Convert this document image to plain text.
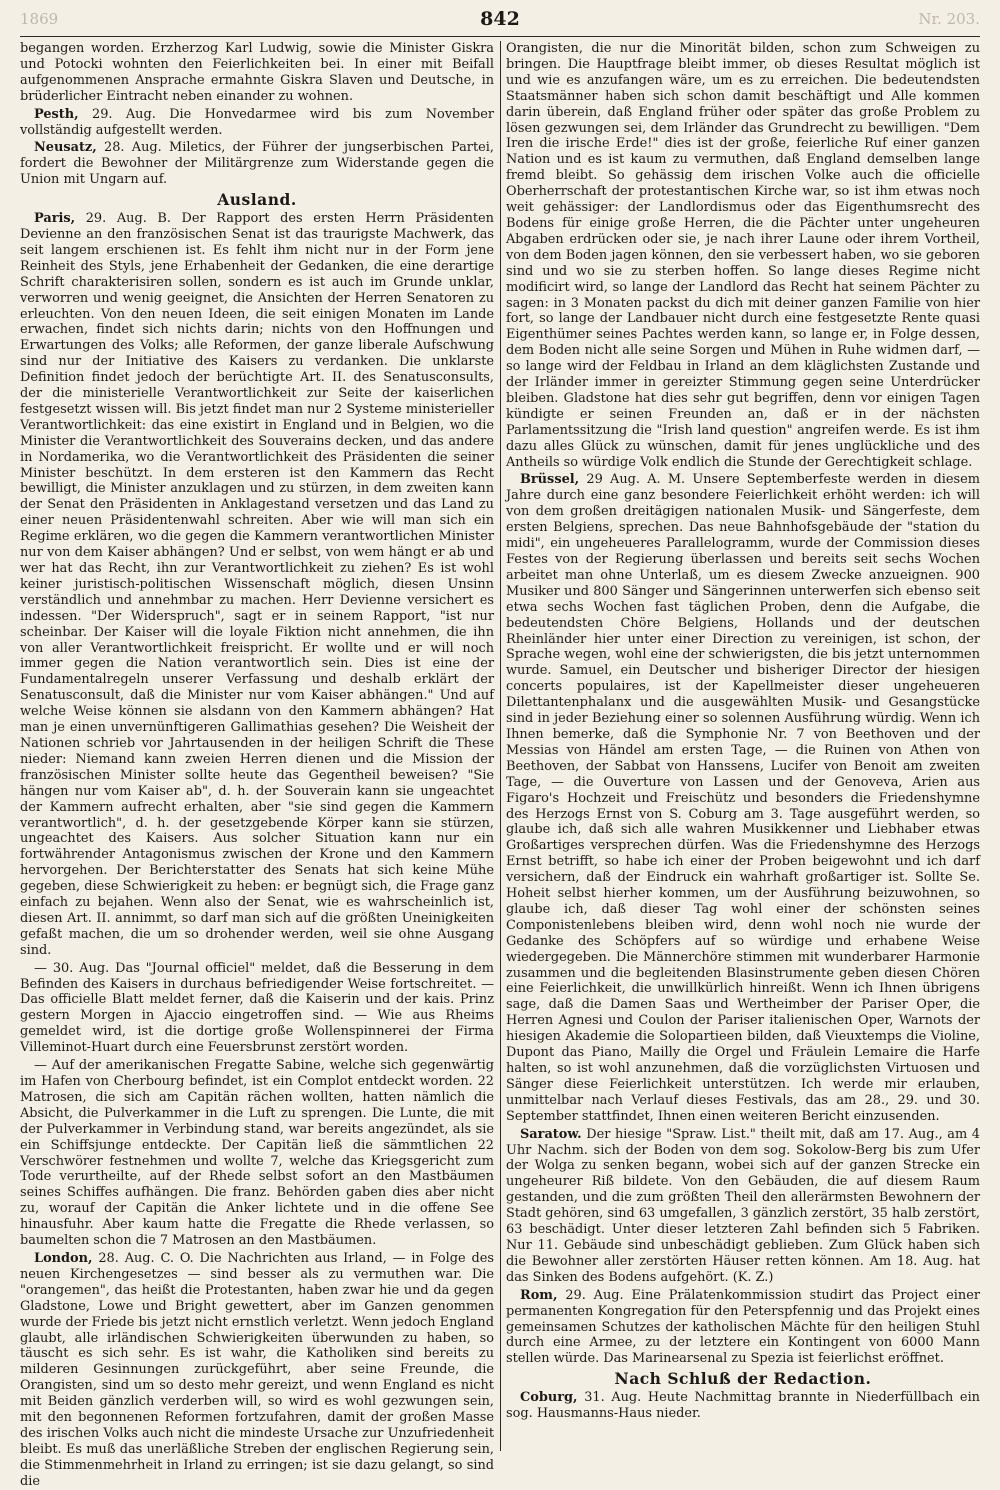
1869	842	Nr. 203.

begangen worden. Erzherzog Karl Ludwig, sowie die Minister Giskra und Potocki wohnten den Feierlichkeiten bei. In einer mit Beifall aufgenommenen Ansprache ermahnte Giskra Slaven und Deutsche, in brüderlicher Eintracht neben einander zu wohnen.

Pesth, 29. Aug. Die Honvedarmee wird bis zum November vollständig aufgestellt werden.

Neusatz, 28. Aug. Miletics, der Führer der jungserbischen Partei, fordert die Bewohner der Militärgrenze zum Widerstande gegen die Union mit Ungarn auf.

Ausland.

Paris, 29. Aug. B. Der Rapport des ersten Herrn Präsidenten Devienne an den französischen Senat ist das traurigste Machwerk, das seit langem erschienen ist. Es fehlt ihm nicht nur in der Form jene Reinheit des Styls, jene Erhabenheit der Gedanken, die eine derartige Schrift charakterisiren sollen, sondern es ist auch im Grunde unklar, verworren und wenig geeignet, die Ansichten der Herren Senatoren zu erleuchten. Von den neuen Ideen, die seit einigen Monaten im Lande erwachen, findet sich nichts darin; nichts von den Hoffnungen und Erwartungen des Volks; alle Reformen, der ganze liberale Aufschwung sind nur der Initiative des Kaisers zu verdanken. Die unklarste Definition findet jedoch der berüchtigte Art. II. des Senatusconsults, der die ministerielle Verantwortlichkeit zur Seite der kaiserlichen festgesetzt wissen will. Bis jetzt findet man nur 2 Systeme ministerieller Verantwortlichkeit: das eine existirt in England und in Belgien, wo die Minister die Verantwortlichkeit des Souverains decken, und das andere in Nordamerika, wo die Verantwortlichkeit des Präsidenten die seiner Minister beschützt. In dem ersteren ist den Kammern das Recht bewilligt, die Minister anzuklagen und zu stürzen, in dem zweiten kann der Senat den Präsidenten in Anklagestand versetzen und das Land zu einer neuen Präsidentenwahl schreiten. Aber wie will man sich ein Regime erklären, wo die gegen die Kammern verantwortlichen Minister nur von dem Kaiser abhängen? Und er selbst, von wem hängt er ab und wer hat das Recht, ihn zur Verantwortlichkeit zu ziehen? Es ist wohl keiner juristisch-politischen Wissenschaft möglich, diesen Unsinn verständlich und annehmbar zu machen. Herr Devienne versichert es indessen. "Der Widerspruch", sagt er in seinem Rapport, "ist nur scheinbar. Der Kaiser will die loyale Fiktion nicht annehmen, die ihn von aller Verantwortlichkeit freispricht. Er wollte und er will noch immer gegen die Nation verantwortlich sein. Dies ist eine der Fundamentalregeln unserer Verfassung und deshalb erklärt der Senatusconsult, daß die Minister nur vom Kaiser abhängen." Und auf welche Weise können sie alsdann von den Kammern abhängen? Hat man je einen unvernünftigeren Gallimathias gesehen? Die Weisheit der Nationen schrieb vor Jahrtausenden in der heiligen Schrift die These nieder: Niemand kann zweien Herren dienen und die Mission der französischen Minister sollte heute das Gegentheil beweisen? "Sie hängen nur vom Kaiser ab", d. h. der Souverain kann sie ungeachtet der Kammern aufrecht erhalten, aber "sie sind gegen die Kammern verantwortlich", d. h. der gesetzgebende Körper kann sie stürzen, ungeachtet des Kaisers. Aus solcher Situation kann nur ein fortwährender Antagonismus zwischen der Krone und den Kammern hervorgehen. Der Berichterstatter des Senats hat sich keine Mühe gegeben, diese Schwierigkeit zu heben: er begnügt sich, die Frage ganz einfach zu bejahen. Wenn also der Senat, wie es wahrscheinlich ist, diesen Art. II. annimmt, so darf man sich auf die größten Uneinigkeiten gefaßt machen, die um so drohender werden, weil sie ohne Ausgang sind.

— 30. Aug. Das "Journal officiel" meldet, daß die Besserung in dem Befinden des Kaisers in durchaus befriedigender Weise fortschreitet. — Das officielle Blatt meldet ferner, daß die Kaiserin und der kais. Prinz gestern Morgen in Ajaccio eingetroffen sind. — Wie aus Rheims gemeldet wird, ist die dortige große Wollenspinnerei der Firma Villeminot-Huart durch eine Feuersbrunst zerstört worden.

— Auf der amerikanischen Fregatte Sabine, welche sich gegenwärtig im Hafen von Cherbourg befindet, ist ein Complot entdeckt worden. 22 Matrosen, die sich am Capitän rächen wollten, hatten nämlich die Absicht, die Pulverkammer in die Luft zu sprengen. Die Lunte, die mit der Pulverkammer in Verbindung stand, war bereits angezündet, als sie ein Schiffsjunge entdeckte. Der Capitän ließ die sämmtlichen 22 Verschwörer festnehmen und wollte 7, welche das Kriegsgericht zum Tode verurtheilte, auf der Rhede selbst sofort an den Mastbäumen seines Schiffes aufhängen. Die franz. Behörden gaben dies aber nicht zu, worauf der Capitän die Anker lichtete und in die offene See hinausfuhr. Aber kaum hatte die Fregatte die Rhede verlassen, so baumelten schon die 7 Matrosen an den Mastbäumen.

London, 28. Aug. C. O. Die Nachrichten aus Irland, — in Folge des neuen Kirchengesetzes — sind besser als zu vermuthen war. Die "orangemen", das heißt die Protestanten, haben zwar hie und da gegen Gladstone, Lowe und Bright gewettert, aber im Ganzen genommen wurde der Friede bis jetzt nicht ernstlich verletzt. Wenn jedoch England glaubt, alle irländischen Schwierigkeiten überwunden zu haben, so täuscht es sich sehr. Es ist wahr, die Katholiken sind bereits zu milderen Gesinnungen zurückgeführt, aber seine Freunde, die Orangisten, sind um so desto mehr gereizt, und wenn England es nicht mit Beiden gänzlich verderben will, so wird es wohl gezwungen sein, mit den begonnenen Reformen fortzufahren, damit der großen Masse des irischen Volks auch nicht die mindeste Ursache zur Unzufriedenheit bleibt. Es muß das unerläßliche Streben der englischen Regierung sein, die Stimmenmehrheit in Irland zu erringen; ist sie dazu gelangt, so sind die

Orangisten, die nur die Minorität bilden, schon zum Schweigen zu bringen. Die Hauptfrage bleibt immer, ob dieses Resultat möglich ist und wie es anzufangen wäre, um es zu erreichen. Die bedeutendsten Staatsmänner haben sich schon damit beschäftigt und Alle kommen darin überein, daß England früher oder später das große Problem zu lösen gezwungen sei, dem Irländer das Grundrecht zu bewilligen. "Dem Iren die irische Erde!" dies ist der große, feierliche Ruf einer ganzen Nation und es ist kaum zu vermuthen, daß England demselben lange fremd bleibt. So gehässig dem irischen Volke auch die officielle Oberherrschaft der protestantischen Kirche war, so ist ihm etwas noch weit gehässiger: der Landlordismus oder das Eigenthumsrecht des Bodens für einige große Herren, die die Pächter unter ungeheuren Abgaben erdrücken oder sie, je nach ihrer Laune oder ihrem Vortheil, von dem Boden jagen können, den sie verbessert haben, wo sie geboren sind und wo sie zu sterben hoffen. So lange dieses Regime nicht modificirt wird, so lange der Landlord das Recht hat seinem Pächter zu sagen: in 3 Monaten packst du dich mit deiner ganzen Familie von hier fort, so lange der Landbauer nicht durch eine festgesetzte Rente quasi Eigenthümer seines Pachtes werden kann, so lange er, in Folge dessen, dem Boden nicht alle seine Sorgen und Mühen in Ruhe widmen darf, — so lange wird der Feldbau in Irland an dem kläglichsten Zustande und der Irländer immer in gereizter Stimmung gegen seine Unterdrücker bleiben. Gladstone hat dies sehr gut begriffen, denn vor einigen Tagen kündigte er seinen Freunden an, daß er in der nächsten Parlamentssitzung die "Irish land question" angreifen werde. Es ist ihm dazu alles Glück zu wünschen, damit für jenes unglückliche und des Antheils so würdige Volk endlich die Stunde der Gerechtigkeit schlage.

Brüssel, 29 Aug. A. M. Unsere Septemberfeste werden in diesem Jahre durch eine ganz besondere Feierlichkeit erhöht werden: ich will von dem großen dreitägigen nationalen Musik- und Sängerfeste, dem ersten Belgiens, sprechen. Das neue Bahnhofsgebäude der "station du midi", ein ungeheueres Parallelogramm, wurde der Commission dieses Festes von der Regierung überlassen und bereits seit sechs Wochen arbeitet man ohne Unterlaß, um es diesem Zwecke anzueignen. 900 Musiker und 800 Sänger und Sängerinnen unterwerfen sich ebenso seit etwa sechs Wochen fast täglichen Proben, denn die Aufgabe, die bedeutendsten Chöre Belgiens, Hollands und der deutschen Rheinländer hier unter einer Direction zu vereinigen, ist schon, der Sprache wegen, wohl eine der schwierigsten, die bis jetzt unternommen wurde. Samuel, ein Deutscher und bisheriger Director der hiesigen concerts populaires, ist der Kapellmeister dieser ungeheueren Dilettantenphalanx und die ausgewählten Musik- und Gesangstücke sind in jeder Beziehung einer so solennen Ausführung würdig. Wenn ich Ihnen bemerke, daß die Symphonie Nr. 7 von Beethoven und der Messias von Händel am ersten Tage, — die Ruinen von Athen von Beethoven, der Sabbat von Hanssens, Lucifer von Benoit am zweiten Tage, — die Ouverture von Lassen und der Genoveva, Arien aus Figaro's Hochzeit und Freischütz und besonders die Friedenshymne des Herzogs Ernst von S. Coburg am 3. Tage ausgeführt werden, so glaube ich, daß sich alle wahren Musikkenner und Liebhaber etwas Großartiges versprechen dürfen. Was die Friedenshymne des Herzogs Ernst betrifft, so habe ich einer der Proben beigewohnt und ich darf versichern, daß der Eindruck ein wahrhaft großartiger ist. Sollte Se. Hoheit selbst hierher kommen, um der Ausführung beizuwohnen, so glaube ich, daß dieser Tag wohl einer der schönsten seines Componistenlebens bleiben wird, denn wohl noch nie wurde der Gedanke des Schöpfers auf so würdige und erhabene Weise wiedergegeben. Die Männerchöre stimmen mit wunderbarer Harmonie zusammen und die begleitenden Blasinstrumente geben diesen Chören eine Feierlichkeit, die unwillkürlich hinreißt. Wenn ich Ihnen übrigens sage, daß die Damen Saas und Wertheimber der Pariser Oper, die Herren Agnesi und Coulon der Pariser italienischen Oper, Warnots der hiesigen Akademie die Solopartieen bilden, daß Vieuxtemps die Violine, Dupont das Piano, Mailly die Orgel und Fräulein Lemaire die Harfe halten, so ist wohl anzunehmen, daß die vorzüglichsten Virtuosen und Sänger diese Feierlichkeit unterstützen. Ich werde mir erlauben, unmittelbar nach Verlauf dieses Festivals, das am 28., 29. und 30. September stattfindet, Ihnen einen weiteren Bericht einzusenden.

Saratow. Der hiesige "Spraw. List." theilt mit, daß am 17. Aug., am 4 Uhr Nachm. sich der Boden von dem sog. Sokolow-Berg bis zum Ufer der Wolga zu senken begann, wobei sich auf der ganzen Strecke ein ungeheurer Riß bildete. Von den Gebäuden, die auf diesem Raum gestanden, und die zum größten Theil den allerärmsten Bewohnern der Stadt gehören, sind 63 umgefallen, 3 gänzlich zerstört, 35 halb zerstört, 63 beschädigt. Unter dieser letzteren Zahl befinden sich 5 Fabriken. Nur 11. Gebäude sind unbeschädigt geblieben. Zum Glück haben sich die Bewohner aller zerstörten Häuser retten können. Am 18. Aug. hat das Sinken des Bodens aufgehört. (K. Z.)

Rom, 29. Aug. Eine Prälatenkommission studirt das Project einer permanenten Kongregation für den Peterspfennig und das Projekt eines gemeinsamen Schutzes der katholischen Mächte für den heiligen Stuhl durch eine Armee, zu der letztere ein Kontingent von 6000 Mann stellen würde. Das Marinearsenal zu Spezia ist feierlichst eröffnet.

Nach Schluß der Redaction.

Coburg, 31. Aug. Heute Nachmittag brannte in Niederfüllbach ein sog. Hausmanns-Haus nieder.
